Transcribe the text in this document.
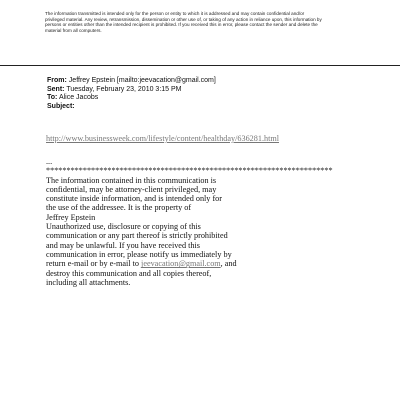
The information transmitted is intended only for the person or entity to which it is addressed and may contain confidential and/or
privileged material. Any review, retransmission, dissemination or other use of, or taking of any action in reliance upon, this information by
persons or entities other than the intended recipient is prohibited. If you received this in error, please contact the sender and delete the
material from all computers.
From: Jeffrey Epstein [mailto:jeevacation@gmail.com]
Sent: Tuesday, February 23, 2010 3:15 PM
To: Alice Jacobs
Subject:
http://www.businessweek.com/lifestyle/content/healthday/636281.html
...
**********************************************************************
The information contained in this communication is
confidential, may be attorney-client privileged, may
constitute inside information, and is intended only for
the use of the addressee. It is the property of
Jeffrey Epstein
Unauthorized use, disclosure or copying of this
communication or any part thereof is strictly prohibited
and may be unlawful. If you have received this
communication in error, please notify us immediately by
return e-mail or by e-mail to jeevacation@gmail.com, and
destroy this communication and all copies thereof,
including all attachments.
